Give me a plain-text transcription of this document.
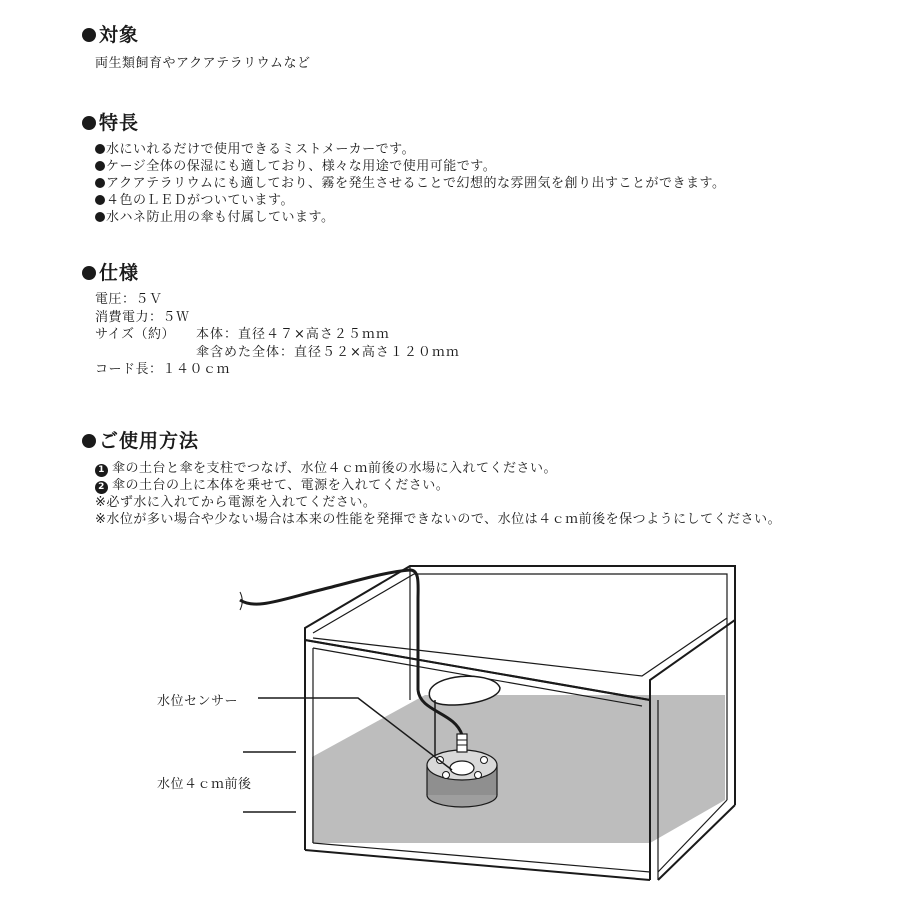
対象

両生類飼育やアクアテラリウムなど

特長

水にいれるだけで使用できるミストメーカーです。

ケージ全体の保湿にも適しており、様々な用途で使用可能です。

アクアテラリウムにも適しており、霧を発生させることで幻想的な雰囲気を創り出すことができます。

４色のＬＥＤがついています。

水ハネ防止用の傘も付属しています。

仕様
電圧：５Ｖ
消費電力：５Ｗ
サイズ（約） 本体：直径４７×高さ２５ｍｍ
傘含めた全体：直径５２×高さ１２０ｍｍ
コード長：１４０ｃｍ
ご使用方法

1 傘の土台と傘を支柱でつなげ、水位４ｃｍ前後の水場に入れてください。

2 傘の土台の上に本体を乗せて、電源を入れてください。

※必ず水に入れてから電源を入れてください。

※水位が多い場合や少ない場合は本来の性能を発揮できないので、水位は４ｃｍ前後を保つようにしてください。

水位センサー
水位４ｃｍ前後
